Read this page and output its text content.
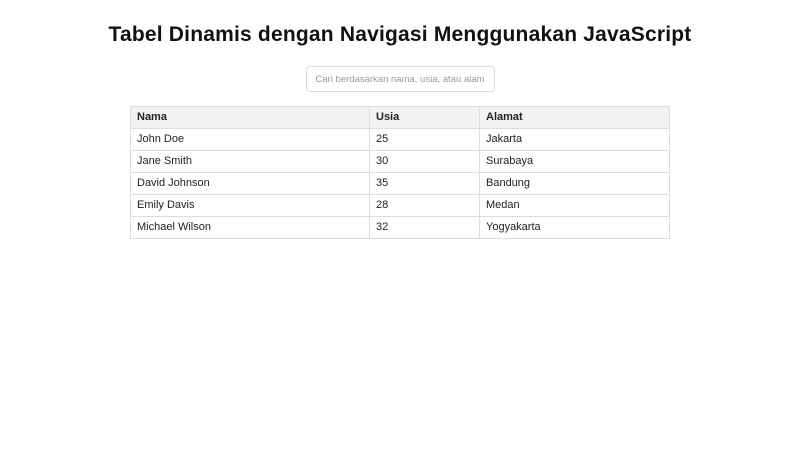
Tabel Dinamis dengan Navigasi Menggunakan JavaScript
Cari berdasarkan nama, usia, atau alamat
Nama	Usia	Alamat
John Doe	25	Jakarta
Jane Smith	30	Surabaya
David Johnson	35	Bandung
Emily Davis	28	Medan
Michael Wilson	32	Yogyakarta
